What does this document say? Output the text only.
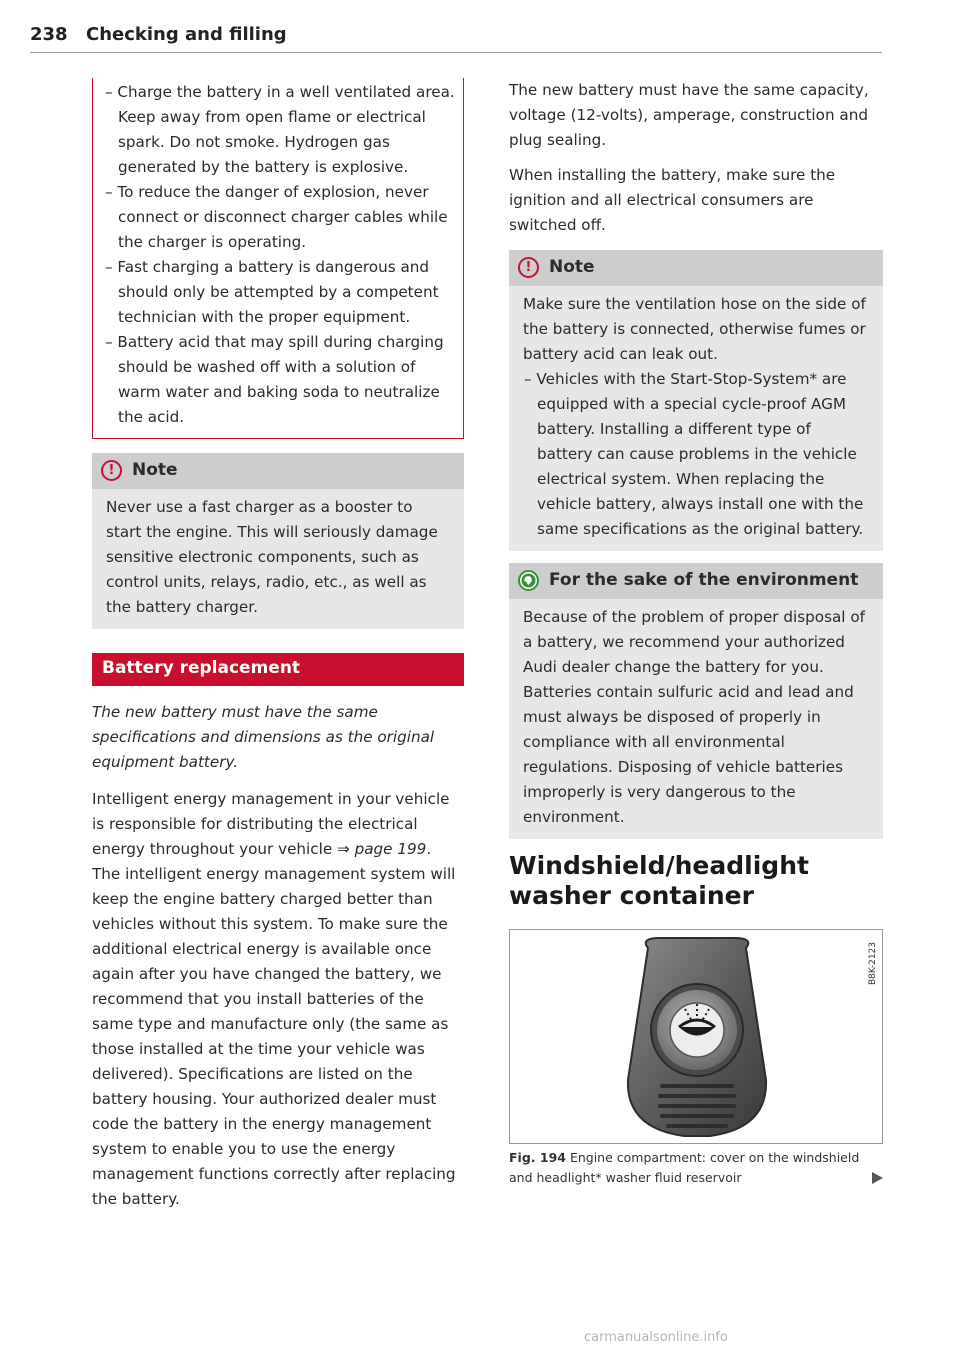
238 Checking and filling
– Charge the battery in a well ventilated area. Keep away from open flame or electrical spark. Do not smoke. Hydrogen gas generated by the battery is explosive.
– To reduce the danger of explosion, never connect or disconnect charger cables while the charger is operating.
– Fast charging a battery is dangerous and should only be attempted by a competent technician with the proper equipment.
– Battery acid that may spill during charging should be washed off with a solution of warm water and baking soda to neutralize the acid.
!	Note

Never use a fast charger as a booster to start the engine. This will seriously damage sensitive electronic components, such as control units, relays, radio, etc., as well as the battery charger.

Battery replacement

The new battery must have the same specifications and dimensions as the original equipment battery.

Intelligent energy management in your vehicle is responsible for distributing the electrical energy throughout your vehicle ⇒ page 199. The intelligent energy management system will keep the engine battery charged better than vehicles without this system. To make sure the additional electrical energy is available once again after you have changed the battery, we recommend that you install batteries of the same type and manufacture only (the same as those installed at the time your vehicle was delivered). Specifications are listed on the battery housing. Your authorized dealer must code the battery in the energy management system to enable you to use the energy management functions correctly after replacing the battery.

The new battery must have the same capacity, voltage (12-volts), amperage, construction and plug sealing.

When installing the battery, make sure the ignition and all electrical consumers are switched off.

!	Note

Make sure the ventilation hose on the side of the battery is connected, otherwise fumes or battery acid can leak out.

– Vehicles with the Start-Stop-System* are equipped with a special cycle-proof AGM battery. Installing a different type of battery can cause problems in the vehicle electrical system. When replacing the vehicle battery, always install one with the same specifications as the original battery.
For the sake of the environment

Because of the problem of proper disposal of a battery, we recommend your authorized Audi dealer change the battery for you. Batteries contain sulfuric acid and lead and must always be disposed of properly in compliance with all environmental regulations. Disposing of vehicle batteries improperly is very dangerous to the environment.

Windshield/headlight washer container
B8K-2123
Fig. 194 Engine compartment: cover on the windshield and headlight* washer fluid reservoir
carmanualsonline.info
